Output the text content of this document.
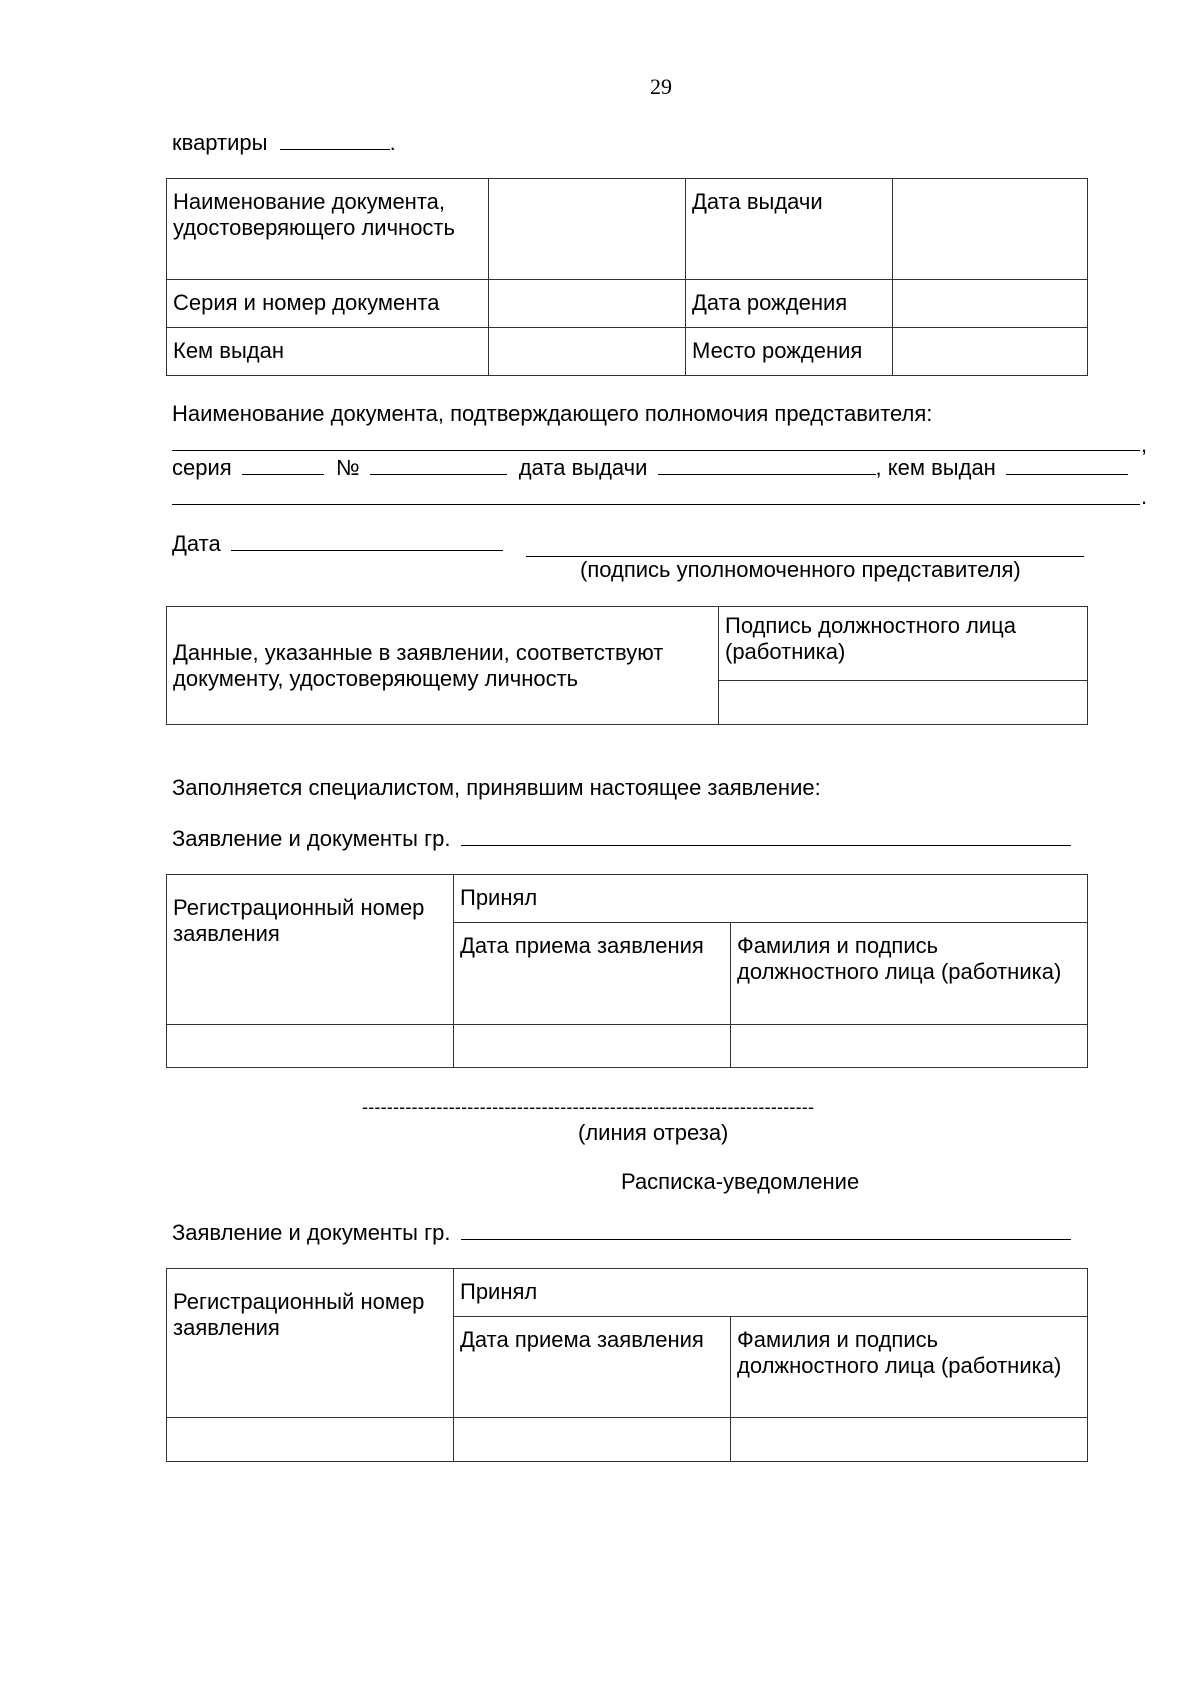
29
квартиры	.
Наименование документа, удостоверяющего личность		Дата выдачи	
Серия и номер документа		Дата рождения	
Кем выдан		Место рождения	
Наименование документа, подтверждающего полномочия представителя:
,
серия	№	дата выдачи	, кем выдан
.
Дата
(подпись уполномоченного представителя)
Данные, указанные в заявлении, соответствуют документу, удостоверяющему личность	Подпись должностного лица (работника)

Заполняется специалистом, принявшим настоящее заявление:
Заявление и документы гр.
Регистрационный номер заявления	Принял	
	Дата приема заявления	Фамилия и подпись должностного лица (работника)

-------------------------------------------------------------------------
(линия отреза)
Расписка-уведомление
Заявление и документы гр.
Регистрационный номер заявления	Принял	
	Дата приема заявления	Фамилия и подпись должностного лица (работника)
